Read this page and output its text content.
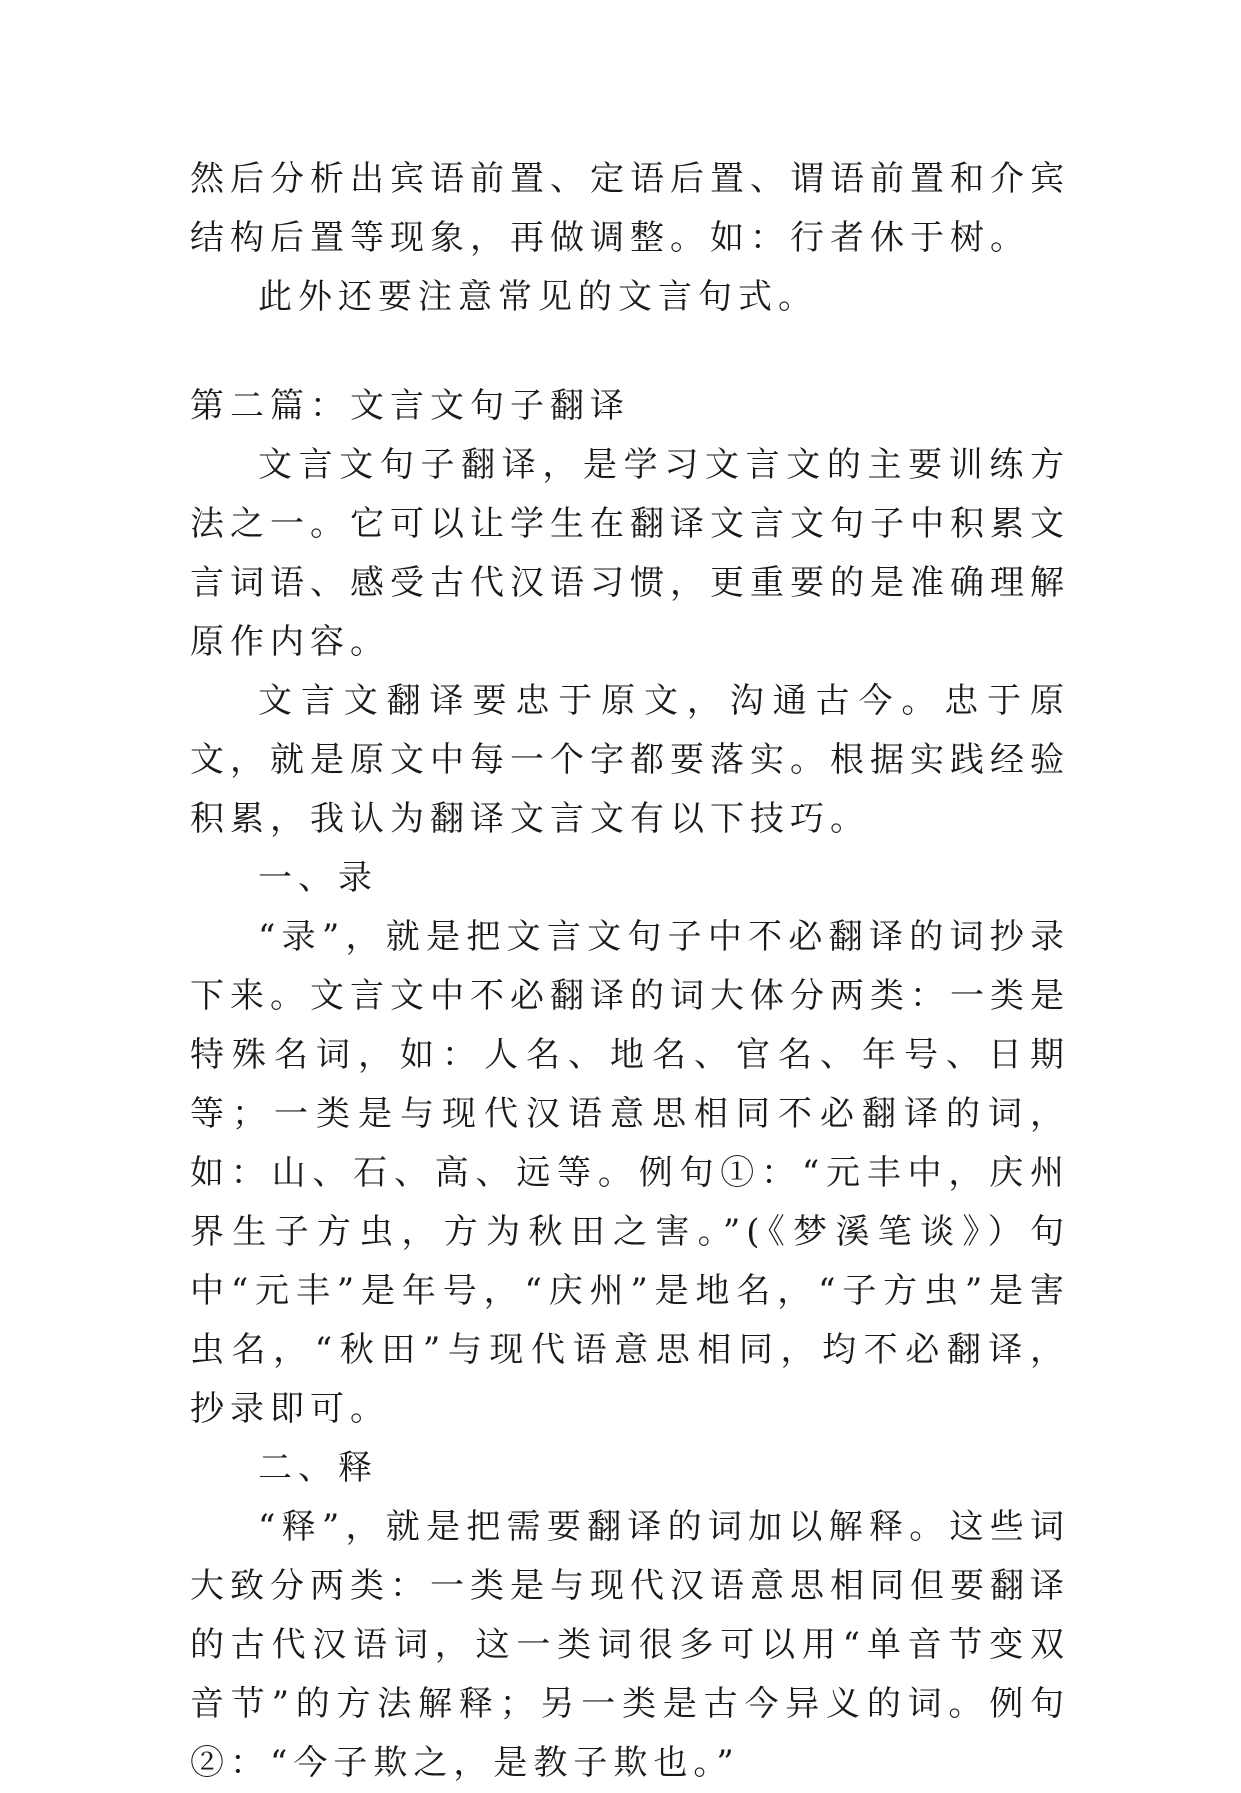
然后分析出宾语前置、定语后置、谓语前置和介宾结构后置等现象，再做调整。如：行者休于树。

此外还要注意常见的文言句式。

第二篇：文言文句子翻译

文言文句子翻译，是学习文言文的主要训练方法之一。它可以让学生在翻译文言文句子中积累文言词语、感受古代汉语习惯，更重要的是准确理解原作内容。

文言文翻译要忠于原文，沟通古今。忠于原文，就是原文中每一个字都要落实。根据实践经验积累，我认为翻译文言文有以下技巧。

一、录

“录”，就是把文言文句子中不必翻译的词抄录下来。文言文中不必翻译的词大体分两类：一类是特殊名词，如：人名、地名、官名、年号、日期等；一类是与现代汉语意思相同不必翻译的词，如：山、石、高、远等。例句①：“元丰中，庆州界生子方虫，方为秋田之害。”(《梦溪笔谈》）句中“元丰”是年号，“庆州”是地名，“子方虫”是害虫名，“秋田”与现代语意思相同，均不必翻译，抄录即可。

二、释

“释”，就是把需要翻译的词加以解释。这些词大致分两类：一类是与现代汉语意思相同但要翻译的古代汉语词，这一类词很多可以用“单音节变双音节”的方法解释；另一类是古今异义的词。例句②：“今子欺之，是教子欺也。”
